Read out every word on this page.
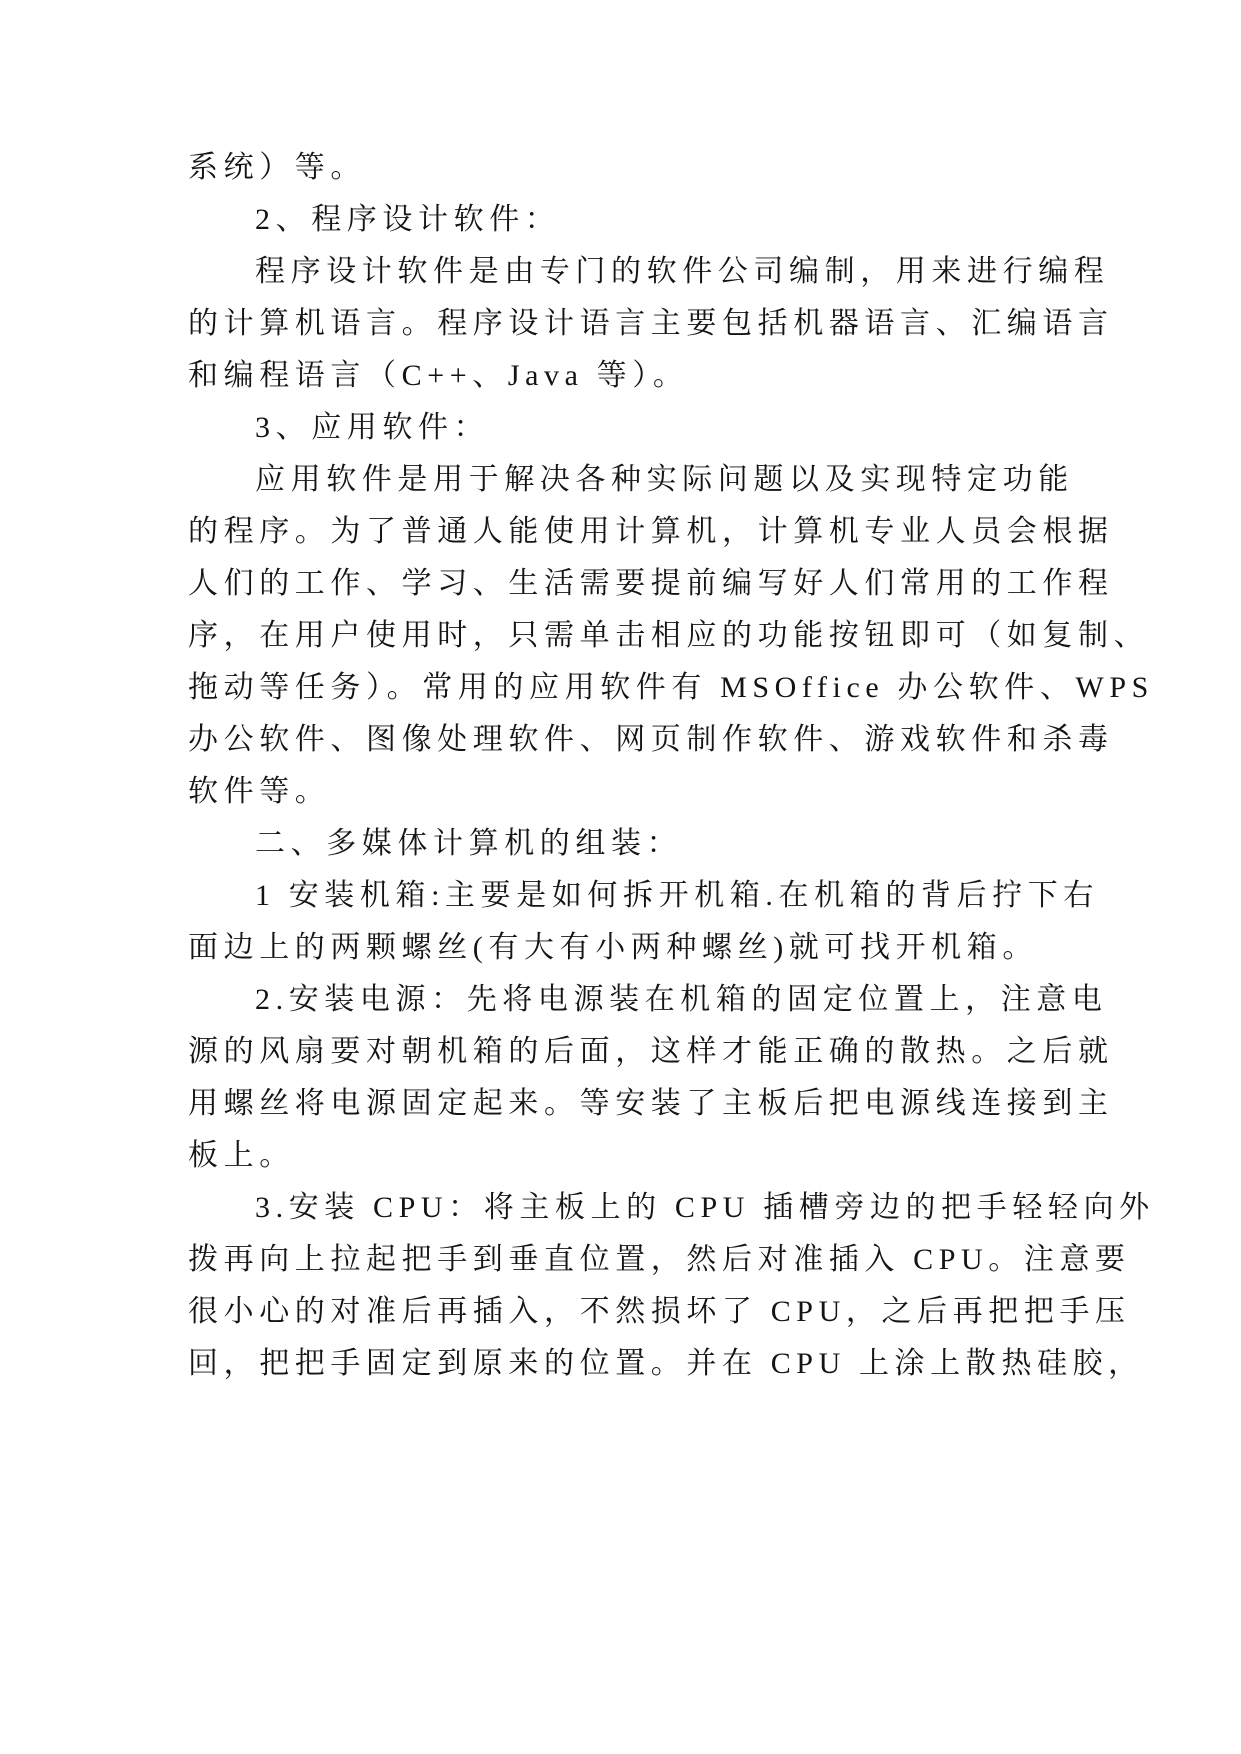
系统）等。
2、程序设计软件：
程序设计软件是由专门的软件公司编制，用来进行编程
的计算机语言。程序设计语言主要包括机器语言、汇编语言
和编程语言（C++、Java 等）。
3、应用软件：
应用软件是用于解决各种实际问题以及实现特定功能
的程序。为了普通人能使用计算机，计算机专业人员会根据
人们的工作、学习、生活需要提前编写好人们常用的工作程
序，在用户使用时，只需单击相应的功能按钮即可（如复制、
拖动等任务）。常用的应用软件有 MSOffice 办公软件、WPS
办公软件、图像处理软件、网页制作软件、游戏软件和杀毒
软件等。
二、多媒体计算机的组装：
1 安装机箱:主要是如何拆开机箱.在机箱的背后拧下右
面边上的两颗螺丝(有大有小两种螺丝)就可找开机箱。
2.安装电源：先将电源装在机箱的固定位置上，注意电
源的风扇要对朝机箱的后面，这样才能正确的散热。之后就
用螺丝将电源固定起来。等安装了主板后把电源线连接到主
板上。
3.安装 CPU：将主板上的 CPU 插槽旁边的把手轻轻向外
拨再向上拉起把手到垂直位置，然后对准插入 CPU。注意要
很小心的对准后再插入，不然损坏了 CPU，之后再把把手压
回，把把手固定到原来的位置。并在 CPU 上涂上散热硅胶，
